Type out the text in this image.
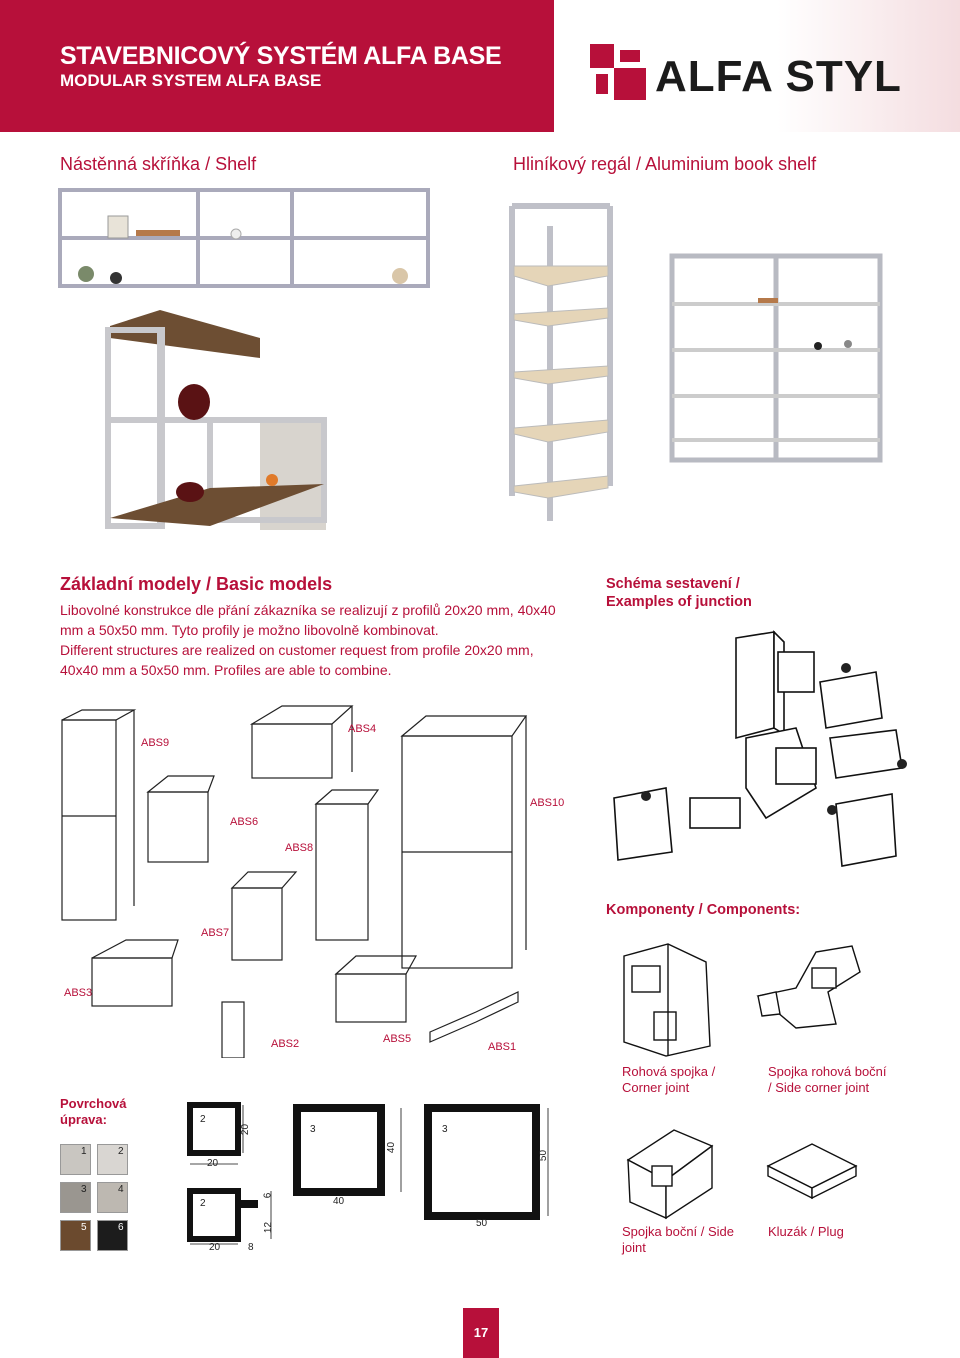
STAVEBNICOVÝ SYSTÉM ALFA BASE
MODULAR SYSTEM ALFA BASE	ALFA STYL
Nástěnná skříňka / Shelf	Hliníkový regál / Aluminium book shelf
Základní modely / Basic models
Libovolné konstrukce dle přání zákazníka se realizují z profilů 20x20 mm, 40x40 mm a 50x50 mm. Tyto profily je možno libovolně kombinovat.
Different structures are realized on customer request from profile 20x20 mm, 40x40 mm a 50x50 mm. Profiles are able to combine.
Schéma sestavení / Examples of junction
ABS9
ABS4
ABS10
ABS6
ABS8
ABS7
ABS3
ABS2	ABS5
ABS1
Komponenty / Components:
Rohová spojka / Corner joint
Spojka rohová boční / Side corner joint
Spojka boční / Side joint
Kluzák / Plug
Povrchová úprava:
1	2
3	4
5	6
2
20
20
3
40
40
3
50
50
2
20	8
6
12
17
